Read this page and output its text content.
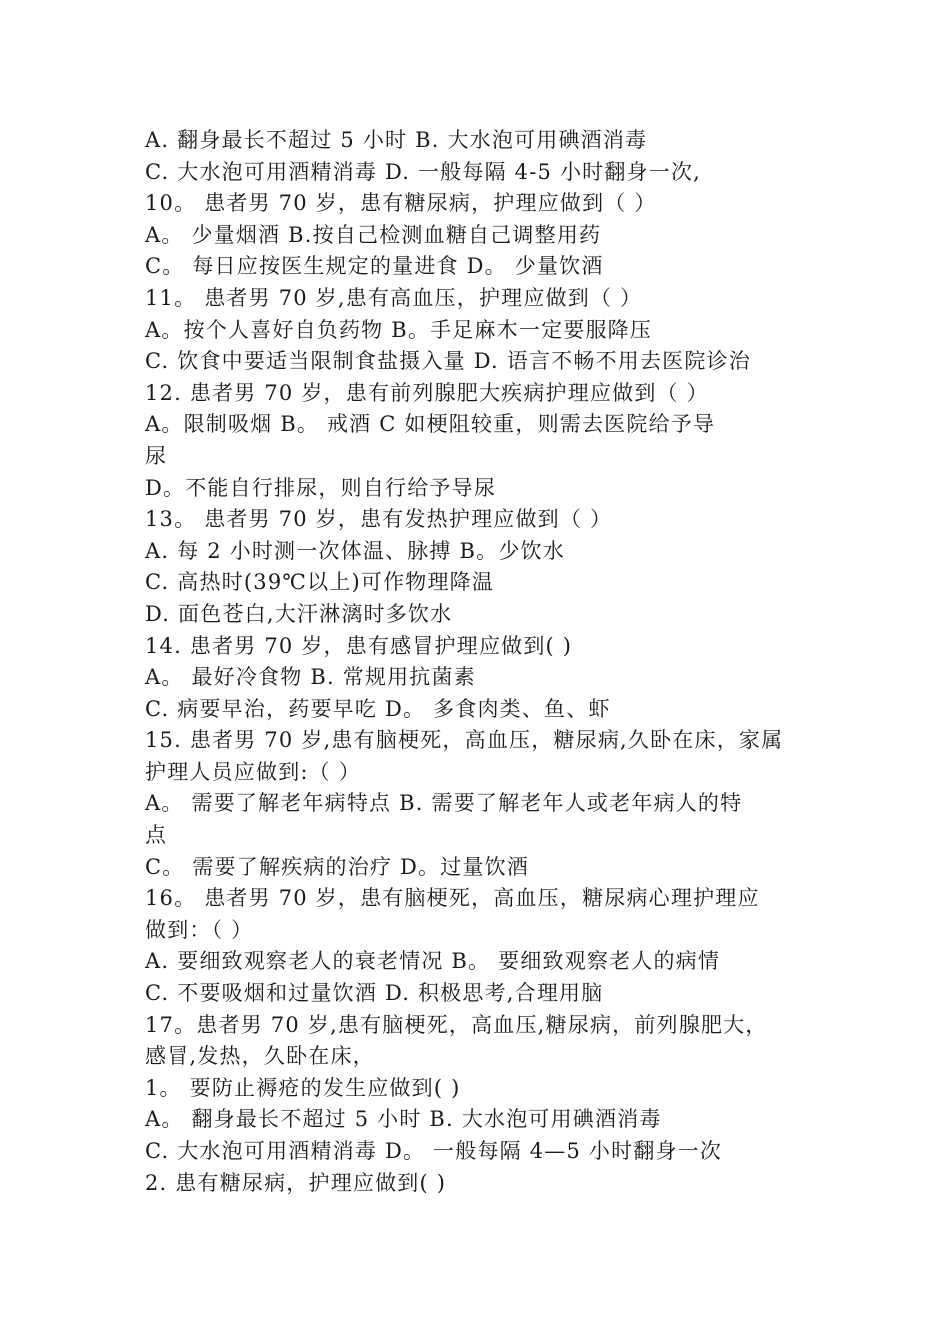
A. 翻身最长不超过 5 小时 B. 大水泡可用碘酒消毒
C. 大水泡可用酒精消毒 D. 一般每隔 4-5 小时翻身一次,
10。 患者男 70 岁，患有糖尿病，护理应做到（ ）
A。 少量烟酒 B.按自己检测血糖自己调整用药
C。 每日应按医生规定的量进食 D。 少量饮酒
11。 患者男 70 岁,患有高血压，护理应做到（ ）
A。按个人喜好自负药物 B。手足麻木一定要服降压
C. 饮食中要适当限制食盐摄入量 D. 语言不畅不用去医院诊治
12. 患者男 70 岁，患有前列腺肥大疾病护理应做到（ ）
A。限制吸烟 B。 戒酒 C 如梗阻较重，则需去医院给予导
尿
D。不能自行排尿，则自行给予导尿
13。 患者男 70 岁，患有发热护理应做到（ ）
A. 每 2 小时测一次体温、脉搏 B。少饮水
C. 高热时(39℃以上)可作物理降温
D. 面色苍白,大汗淋漓时多饮水
14. 患者男 70 岁，患有感冒护理应做到( )
A。 最好冷食物 B. 常规用抗菌素
C. 病要早治，药要早吃 D。 多食肉类、鱼、虾
15. 患者男 70 岁,患有脑梗死，高血压，糖尿病,久卧在床，家属
护理人员应做到:（ ）
A。 需要了解老年病特点 B. 需要了解老年人或老年病人的特
点
C。 需要了解疾病的治疗 D。过量饮酒
16。 患者男 70 岁，患有脑梗死，高血压，糖尿病心理护理应
做到：（ ）
A. 要细致观察老人的衰老情况 B。 要细致观察老人的病情
C. 不要吸烟和过量饮酒 D. 积极思考,合理用脑
17。患者男 70 岁,患有脑梗死，高血压,糖尿病，前列腺肥大，
感冒,发热，久卧在床，
1。 要防止褥疮的发生应做到( )
A。 翻身最长不超过 5 小时 B. 大水泡可用碘酒消毒
C. 大水泡可用酒精消毒 D。 一般每隔 4—5 小时翻身一次
2. 患有糖尿病，护理应做到( )
